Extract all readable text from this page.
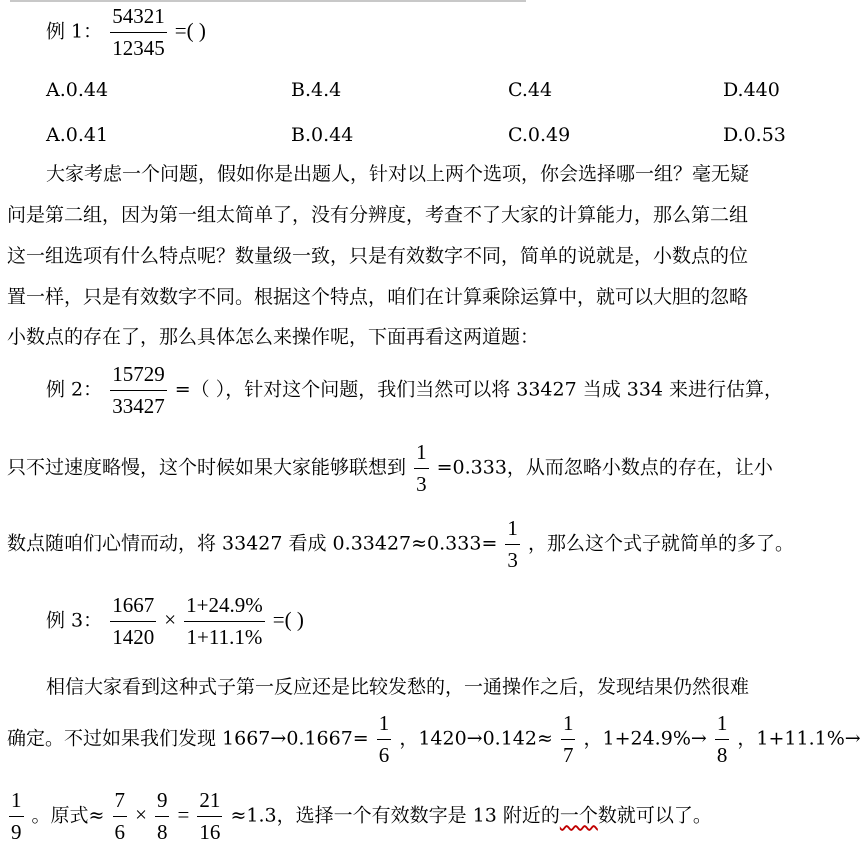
例 1： $\frac{54321}{12345}$ =( )
A.0.44	B.4.4	C.44	D.440
A.0.41	B.0.44	C.0.49	D.0.53
大家考虑一个问题，假如你是出题人，针对以上两个选项，你会选择哪一组？毫无疑
问是第二组，因为第一组太简单了，没有分辨度，考查不了大家的计算能力，那么第二组
这一组选项有什么特点呢？数量级一致，只是有效数字不同，简单的说就是，小数点的位
置一样，只是有效数字不同。根据这个特点，咱们在计算乘除运算中，就可以大胆的忽略
小数点的存在了，那么具体怎么来操作呢，下面再看这两道题：
例 2： $\frac{15729}{33427}$ =（ ），针对这个问题，我们当然可以将 33427 当成 334 来进行估算，
只不过速度略慢，这个时候如果大家能够联想到 $\frac{1}{3} =0.333$，从而忽略小数点的存在，让小
数点随咱们心情而动，将 33427 看成 $0.33427\approx 0.333= \frac{1}{3}$ ，那么这个式子就简单的多了。
例 3： $\frac{1667}{1420} \times \frac{1+24.9\%}{1+11.1\%}$ =( )
相信大家看到这种式子第一反应还是比较发愁的，一通操作之后，发现结果仍然很难
确定。不过如果我们发现 $1667\to 0.1667= \frac{1}{6}$ ，$1420\to 0.142\approx \frac{1}{7}$ ，$1+24.9\%\to \frac{1}{8}$ ，1+11.1%→
$\frac{1}{9}$ 。原式≈ $\frac{7}{6} \times \frac{9}{8} = \frac{21}{16} \approx 1.3$，选择一个有效数字是 13 附近的一个数就可以了。
